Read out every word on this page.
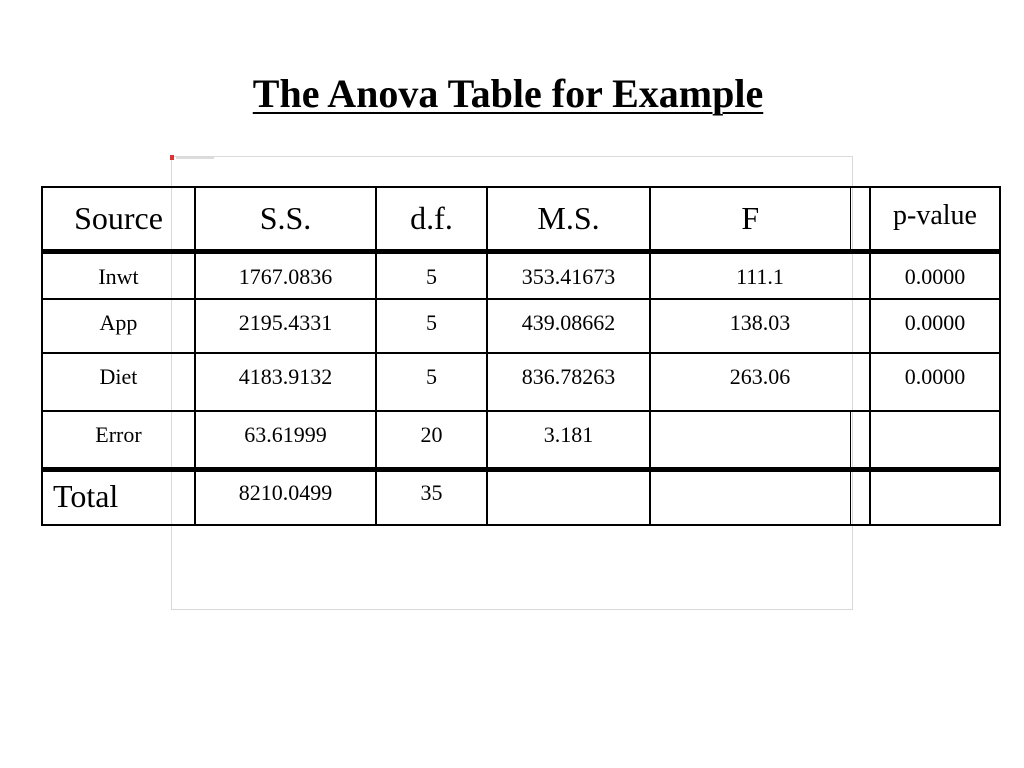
The Anova Table for Example
Source	S.S.	d.f.	M.S.	F		p-value
Inwt	1767.0836	5	353.41673	111.1		0.0000
App	2195.4331	5	439.08662	138.03		0.0000
Diet	4183.9132	5	836.78263	263.06		0.0000
Error	63.61999	20	3.181			
Total	8210.0499	35				
